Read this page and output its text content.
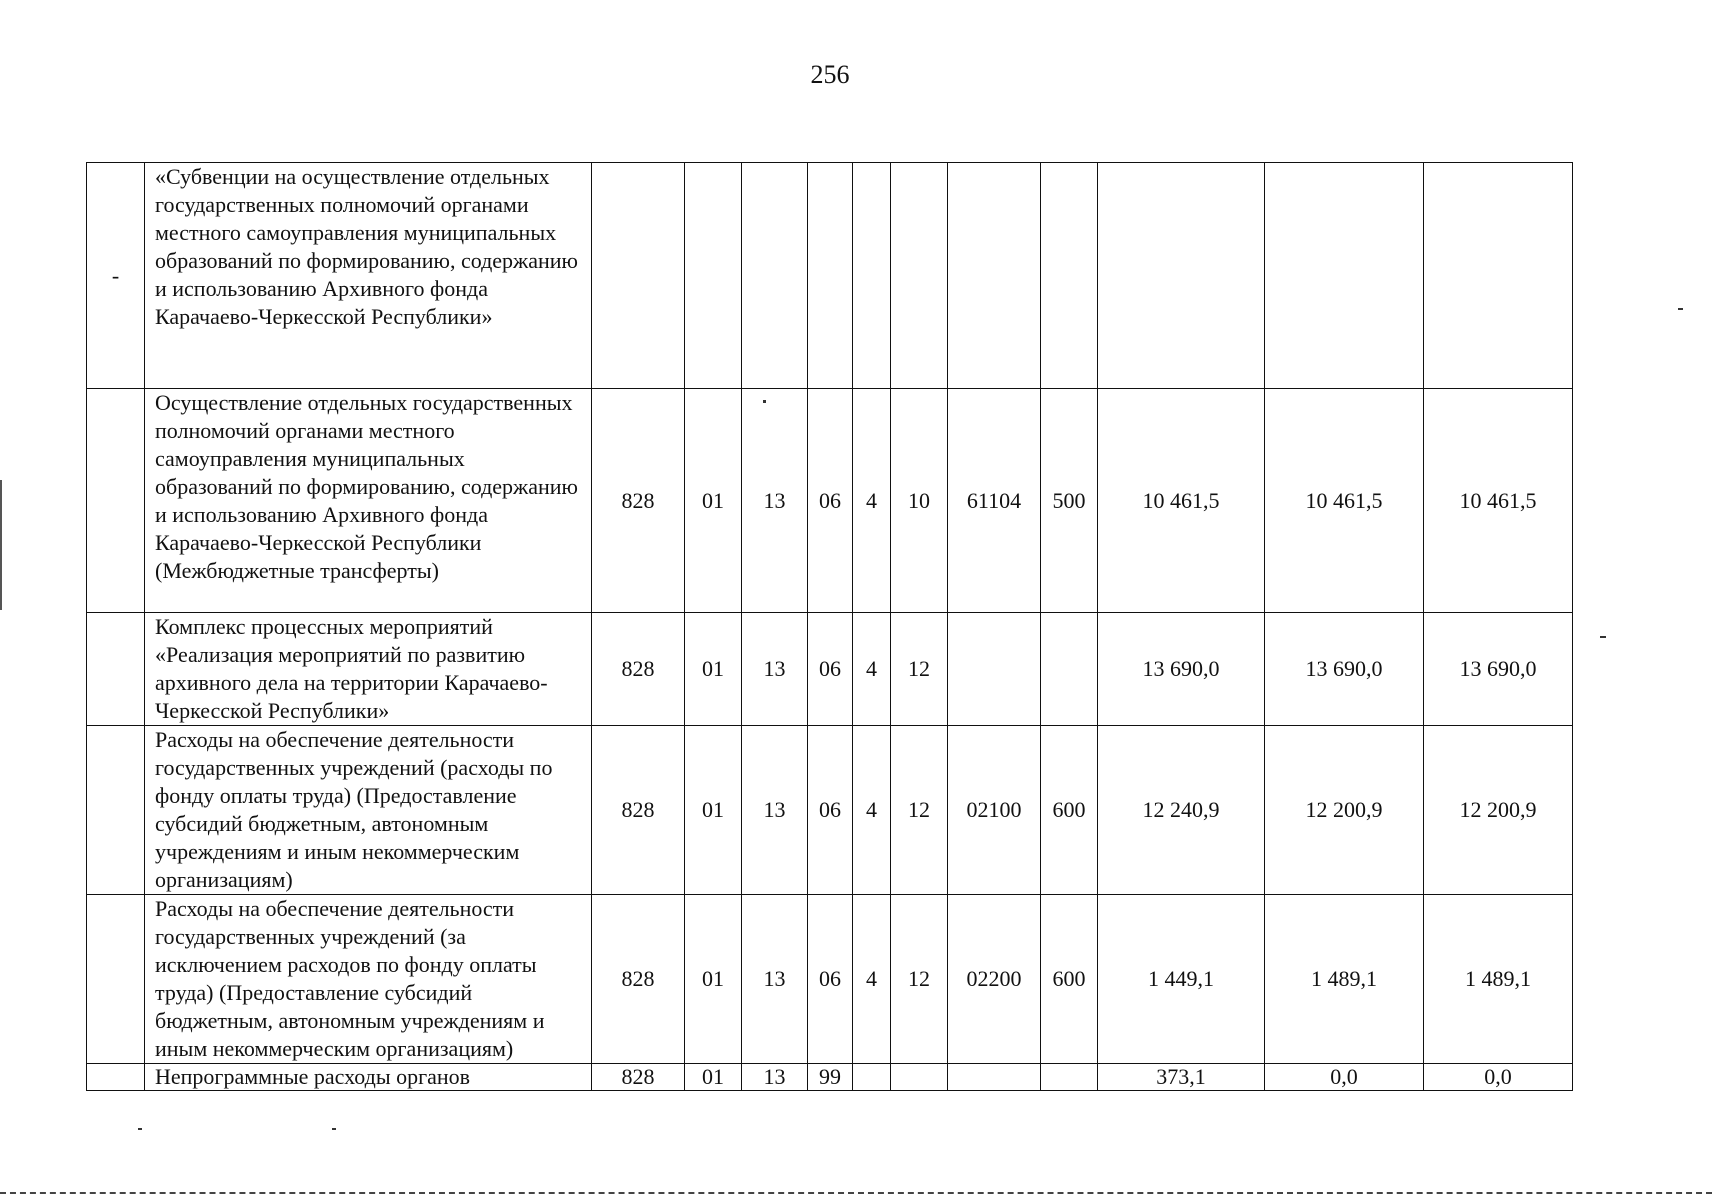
256
-	«Субвенции на осуществление отдельных государственных полномочий органами местного самоуправления муниципальных образований по формированию, содержанию и использованию Архивного фонда Карачаево-Черкесской Республики»											
	Осуществление отдельных государственных полномочий органами местного самоуправления муниципальных образований по формированию, содержанию и использованию Архивного фонда Карачаево-Черкесской Республики (Межбюджетные трансферты)	828	01	13	06	4	10	61104	500	10 461,5	10 461,5	10 461,5
	Комплекс процессных мероприятий «Реализация мероприятий по развитию архивного дела на территории Карачаево-Черкесской Республики»	828	01	13	06	4	12			13 690,0	13 690,0	13 690,0
	Расходы на обеспечение деятельности государственных учреждений (расходы по фонду оплаты труда) (Предоставление субсидий бюджетным, автономным учреждениям и иным некоммерческим организациям)	828	01	13	06	4	12	02100	600	12 240,9	12 200,9	12 200,9
	Расходы на обеспечение деятельности государственных учреждений (за исключением расходов по фонду оплаты труда) (Предоставление субсидий бюджетным, автономным учреждениям и иным некоммерческим организациям)	828	01	13	06	4	12	02200	600	1 449,1	1 489,1	1 489,1
	Непрограммные расходы органов	828	01	13	99					373,1	0,0	0,0
